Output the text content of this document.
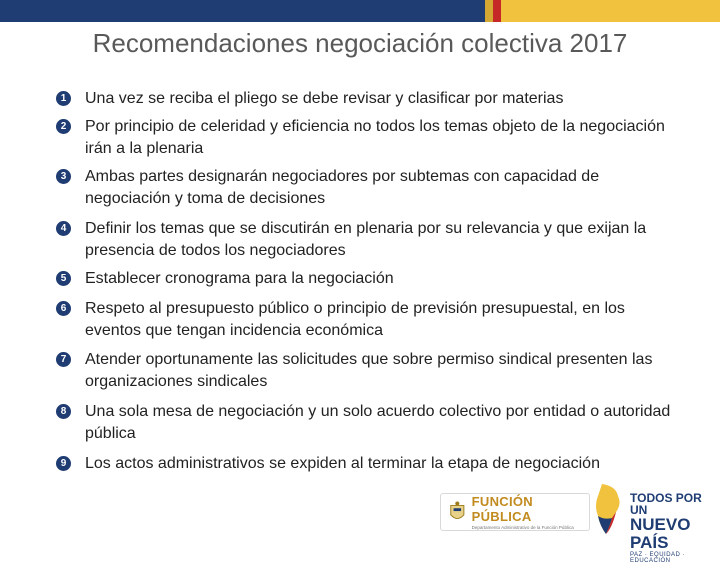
Recomendaciones negociación colectiva 2017
1 Una vez se reciba el pliego se debe revisar y clasificar por materias
2 Por principio de celeridad y eficiencia no todos los temas objeto de la negociación irán a la plenaria
3 Ambas partes designarán negociadores por subtemas con capacidad de negociación y toma de decisiones
4 Definir los temas que se discutirán en plenaria por su relevancia y que exijan la presencia de todos los negociadores
5 Establecer cronograma para la negociación
6 Respeto al presupuesto público o principio de previsión presupuestal, en los eventos que tengan incidencia económica
7 Atender oportunamente las solicitudes que sobre permiso sindical presenten las organizaciones sindicales
8 Una sola mesa de negociación y un solo acuerdo colectivo por entidad o autoridad pública
9 Los actos administrativos se expiden al terminar la etapa de negociación
FUNCIÓN PÚBLICA
Departamento Administrativo de la Función Pública
TODOS POR UN
NUEVO PAÍS
PAZ · EQUIDAD · EDUCACIÓN
